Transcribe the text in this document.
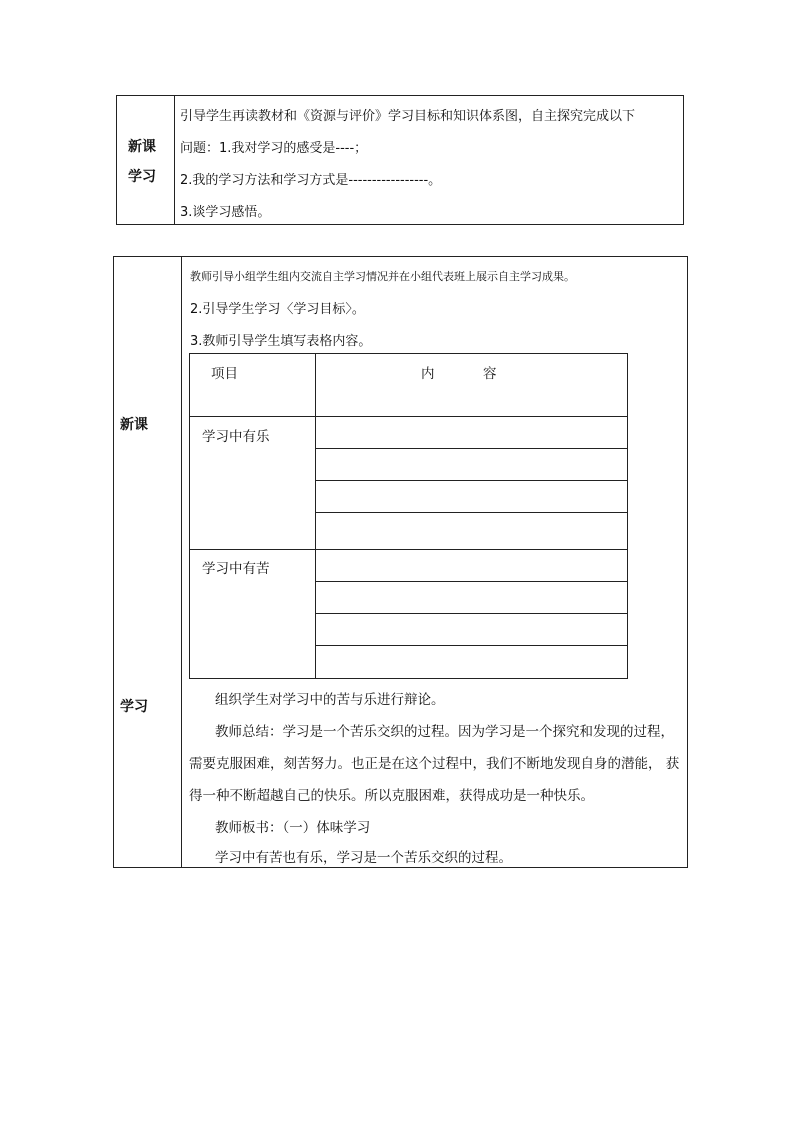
新课
学习
引导学生再读教材和《资源与评价》学习目标和知识体系图，自主探究完成以下
问题：1.我对学习的感受是----；
2.我的学习方法和学习方式是-----------------。
3.谈学习感悟。
新课
学习
教师引导小组学生组内交流自主学习情况并在小组代表班上展示自主学习成果。
2.引导学生学习〈学习目标〉。
3.教师引导学生填写表格内容。
项目	内	容
学习中有乐
学习中有苦
组织学生对学习中的苦与乐进行辩论。
教师总结：学习是一个苦乐交织的过程。因为学习是一个探究和发现的过程，
需要克服困难，刻苦努力。也正是在这个过程中，我们不断地发现自身的潜能， 获
得一种不断超越自己的快乐。所以克服困难，获得成功是一种快乐。
教师板书：（一）体味学习
学习中有苦也有乐，学习是一个苦乐交织的过程。
